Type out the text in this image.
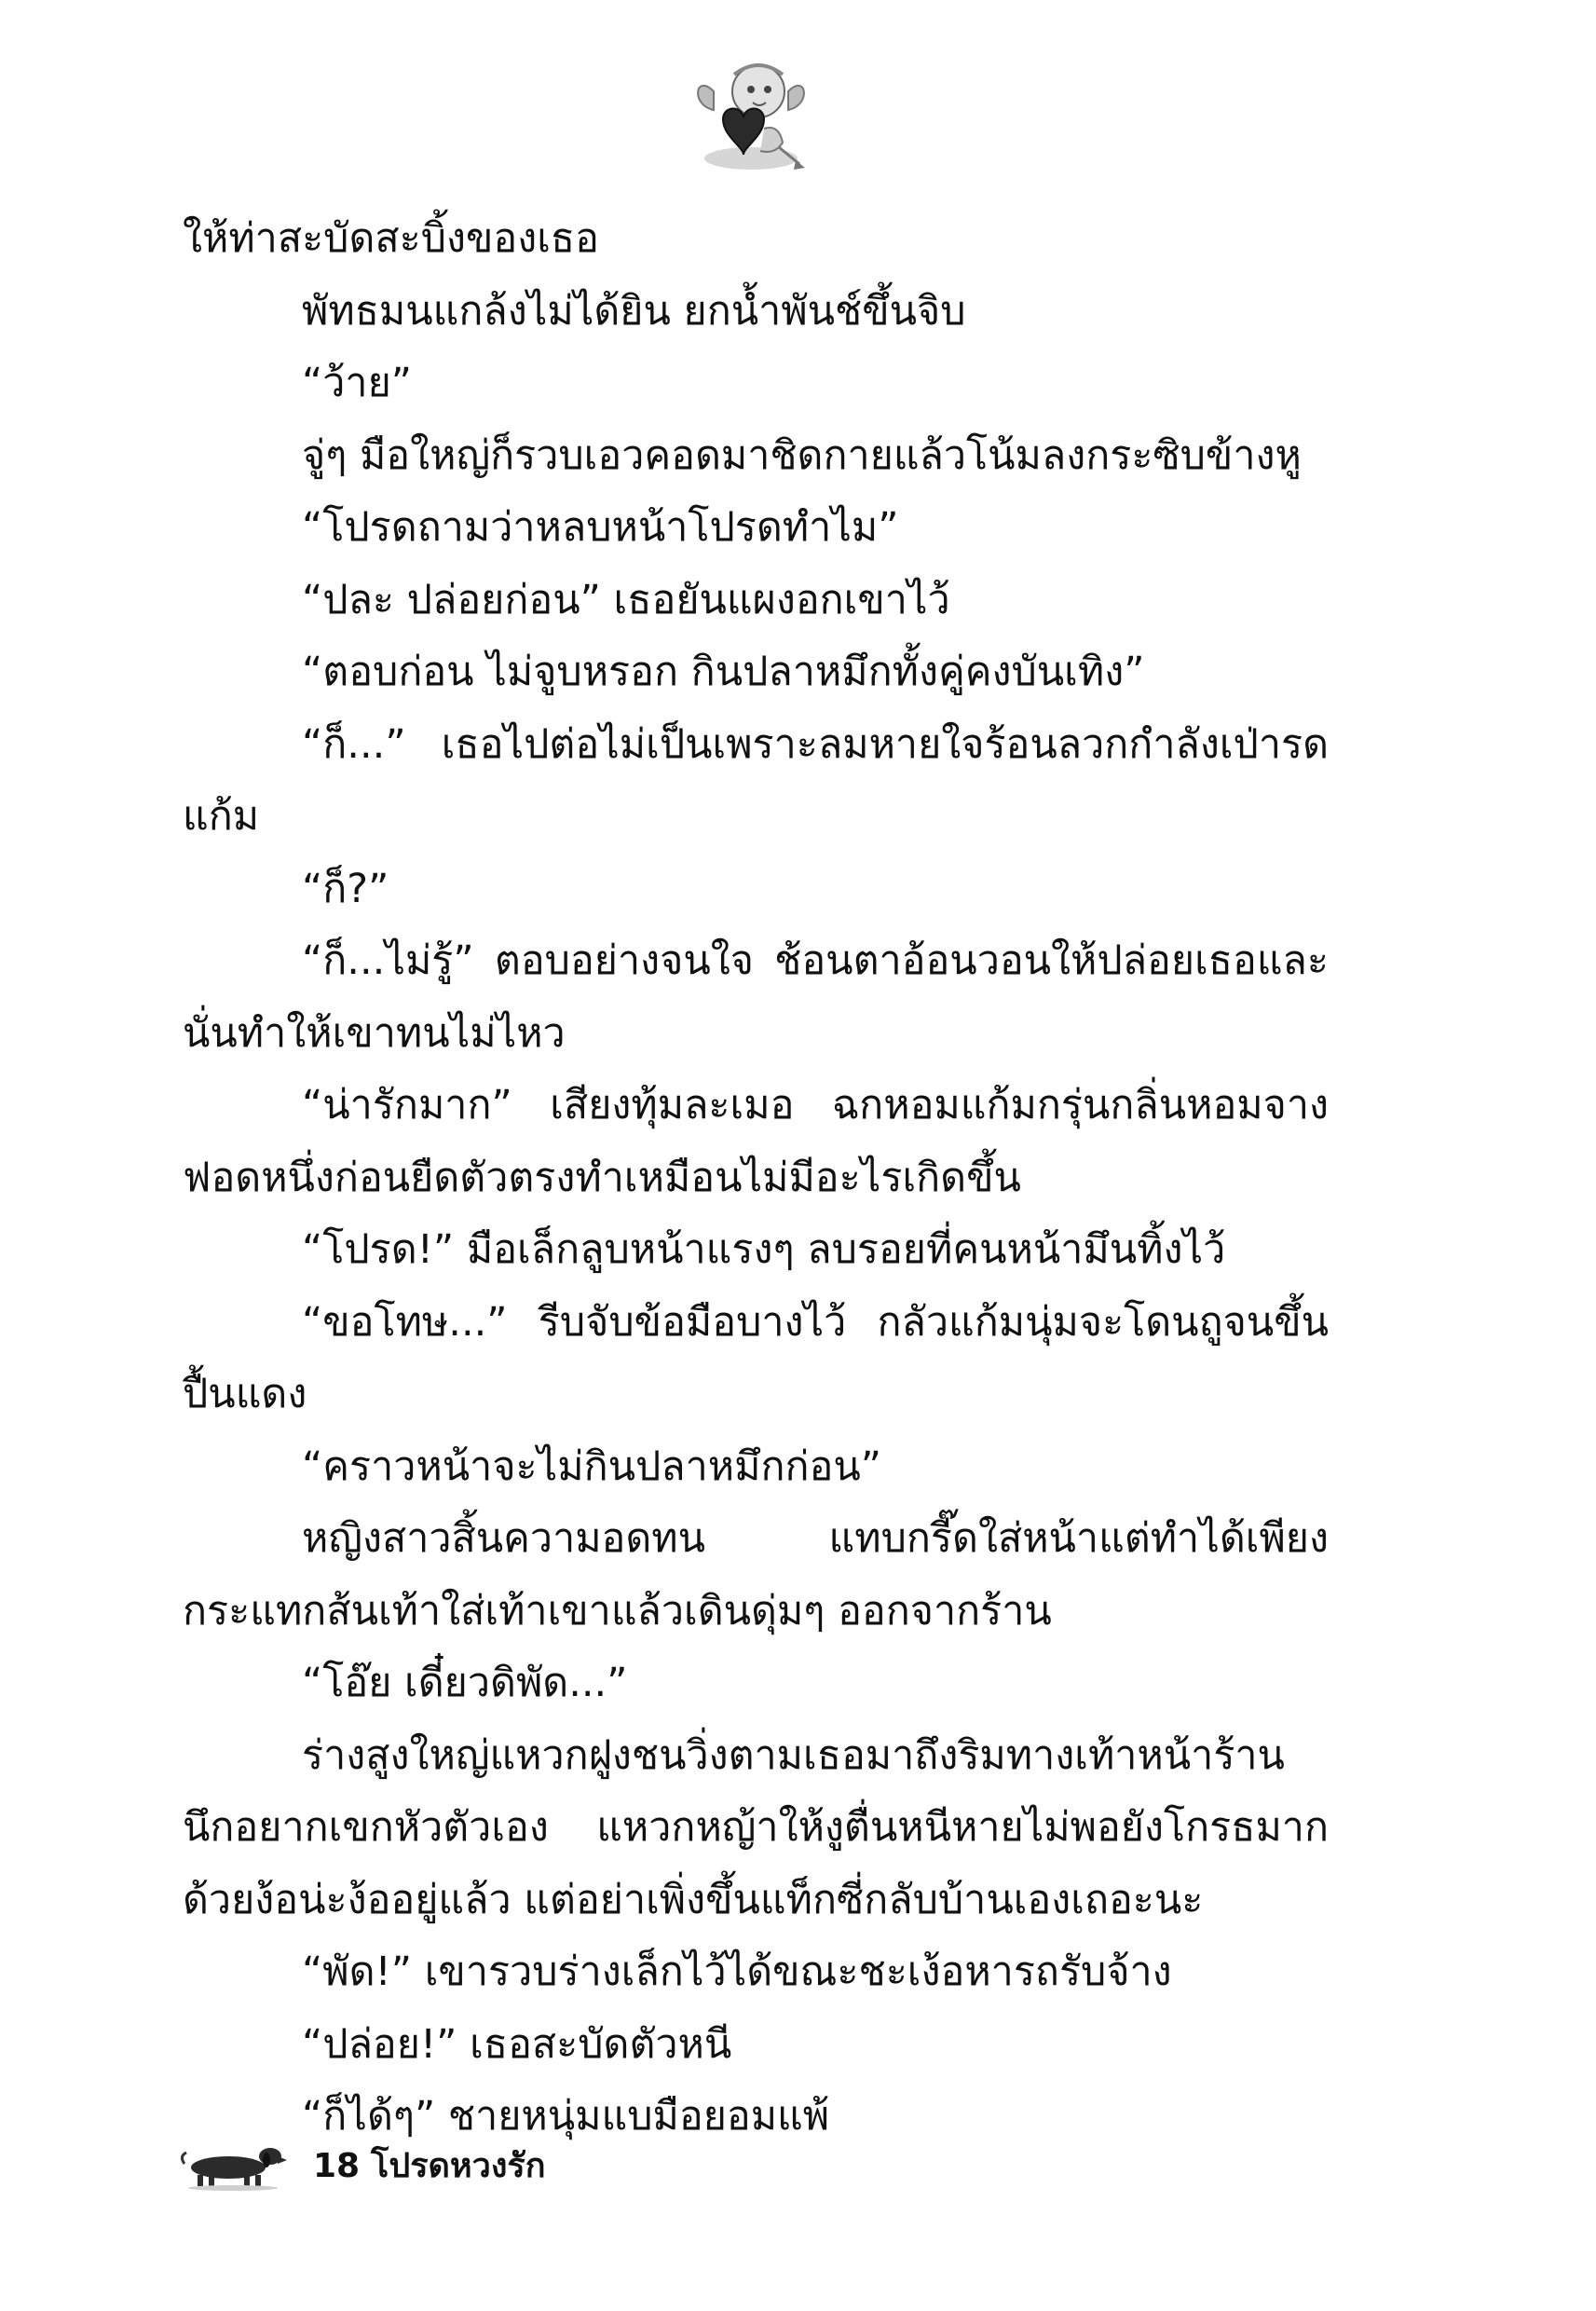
ให้ท่าสะบัดสะบิ้งของเธอ

พัทธมนแกล้งไม่ได้ยิน ยกน้ำพันช์ขึ้นจิบ

“ว้าย”

จู่ๆ มือใหญ่ก็รวบเอวคอดมาชิดกายแล้วโน้มลงกระซิบข้างหู

“โปรดถามว่าหลบหน้าโปรดทำไม”

“ปละ ปล่อยก่อน” เธอยันแผงอกเขาไว้

“ตอบก่อน ไม่จูบหรอก กินปลาหมึกทั้งคู่คงบันเทิง”

“ก็...” เธอไปต่อไม่เป็นเพราะลมหายใจร้อนลวกกำลังเป่ารดแก้ม

“ก็?”

“ก็...ไม่รู้” ตอบอย่างจนใจ ช้อนตาอ้อนวอนให้ปล่อยเธอและนั่นทำให้เขาทนไม่ไหว

“น่ารักมาก” เสียงทุ้มละเมอ ฉกหอมแก้มกรุ่นกลิ่นหอมจางฟอดหนึ่งก่อนยืดตัวตรงทำเหมือนไม่มีอะไรเกิดขึ้น

“โปรด!” มือเล็กลูบหน้าแรงๆ ลบรอยที่คนหน้ามึนทิ้งไว้

“ขอโทษ...” รีบจับข้อมือบางไว้ กลัวแก้มนุ่มจะโดนถูจนขึ้นปื้นแดง

“คราวหน้าจะไม่กินปลาหมึกก่อน”

หญิงสาวสิ้นความอดทน แทบกรี๊ดใส่หน้าแต่ทำได้เพียงกระแทกส้นเท้าใส่เท้าเขาแล้วเดินดุ่มๆ ออกจากร้าน

“โอ๊ย เดี๋ยวดิพัด...”

ร่างสูงใหญ่แหวกฝูงชนวิ่งตามเธอมาถึงริมทางเท้าหน้าร้านนึกอยากเขกหัวตัวเอง แหวกหญ้าให้งูตื่นหนีหายไม่พอยังโกรธมากด้วยง้อน่ะง้ออยู่แล้ว แต่อย่าเพิ่งขึ้นแท็กซี่กลับบ้านเองเถอะนะ

“พัด!” เขารวบร่างเล็กไว้ได้ขณะชะเง้อหารถรับจ้าง

“ปล่อย!” เธอสะบัดตัวหนี

“ก็ได้ๆ” ชายหนุ่มแบมือยอมแพ้

18 โปรดหวงรัก
